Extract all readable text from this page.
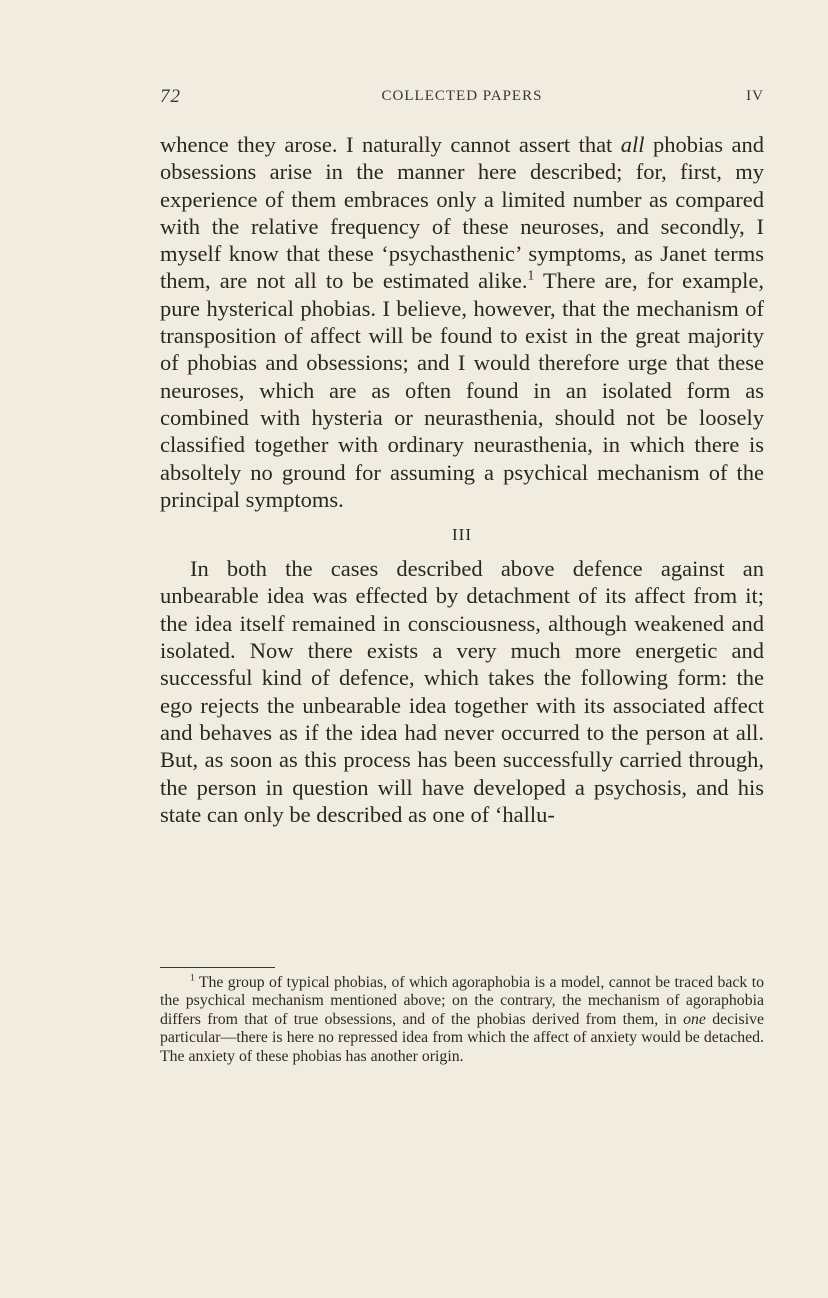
72	COLLECTED PAPERS	IV

whence they arose. I naturally cannot assert that all phobias and obsessions arise in the manner here described; for, first, my experience of them embraces only a limited number as compared with the relative frequency of these neuroses, and secondly, I myself know that these ‘psychasthenic’ symptoms, as Janet terms them, are not all to be estimated alike.$^1$ There are, for example, pure hysterical phobias. I believe, however, that the mechanism of transposition of affect will be found to exist in the great majority of phobias and obsessions; and I would therefore urge that these neuroses, which are as often found in an isolated form as combined with hysteria or neurasthenia, should not be loosely classified together with ordinary neurasthenia, in which there is absoltely no ground for assuming a psychical mechanism of the principal symptoms.

III

In both the cases described above defence against an unbearable idea was effected by detachment of its affect from it; the idea itself remained in consciousness, although weakened and isolated. Now there exists a very much more energetic and successful kind of defence, which takes the following form: the ego rejects the unbearable idea together with its associated affect and behaves as if the idea had never occurred to the person at all. But, as soon as this process has been successfully carried through, the person in question will have developed a psychosis, and his state can only be described as one of ‘hallu-

$^1$ The group of typical phobias, of which agoraphobia is a model, cannot be traced back to the psychical mechanism mentioned above; on the contrary, the mechanism of agoraphobia differs from that of true obsessions, and of the phobias derived from them, in one decisive particular—there is here no repressed idea from which the affect of anxiety would be detached. The anxiety of these phobias has another origin.
